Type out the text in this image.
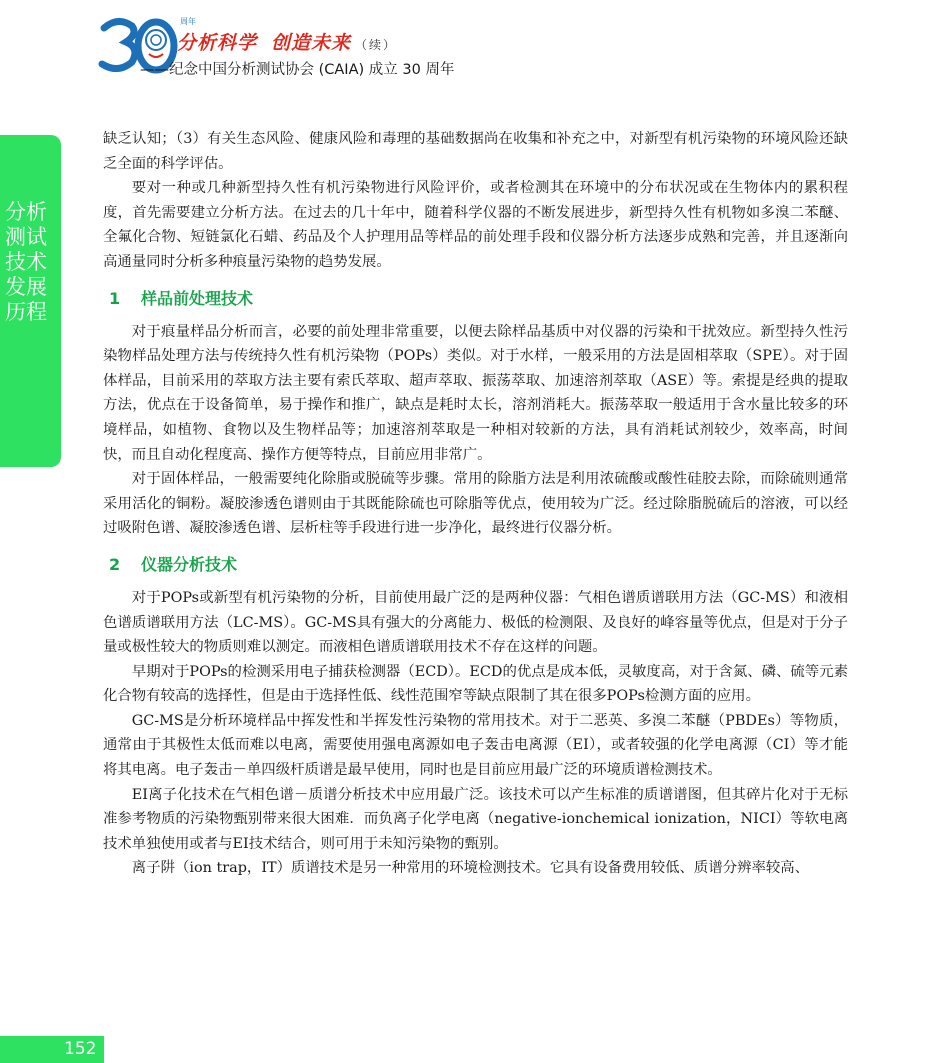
周年
分析科学 创造未来 （续）
——纪念中国分析测试协会 (CAIA) 成立 30 周年
分析测试技术发展历程
152

缺乏认知；（3）有关生态风险、健康风险和毒理的基础数据尚在收集和补充之中，对新型有机污染物的环境风险还缺乏全面的科学评估。

要对一种或几种新型持久性有机污染物进行风险评价，或者检测其在环境中的分布状况或在生物体内的累积程度，首先需要建立分析方法。在过去的几十年中，随着科学仪器的不断发展进步，新型持久性有机物如多溴二苯醚、全氟化合物、短链氯化石蜡、药品及个人护理用品等样品的前处理手段和仪器分析方法逐步成熟和完善，并且逐渐向高通量同时分析多种痕量污染物的趋势发展。

1 样品前处理技术

对于痕量样品分析而言，必要的前处理非常重要，以便去除样品基质中对仪器的污染和干扰效应。新型持久性污染物样品处理方法与传统持久性有机污染物（POPs）类似。对于水样，一般采用的方法是固相萃取（SPE）。对于固体样品，目前采用的萃取方法主要有索氏萃取、超声萃取、振荡萃取、加速溶剂萃取（ASE）等。索提是经典的提取方法，优点在于设备简单，易于操作和推广，缺点是耗时太长，溶剂消耗大。振荡萃取一般适用于含水量比较多的环境样品，如植物、食物以及生物样品等；加速溶剂萃取是一种相对较新的方法，具有消耗试剂较少，效率高，时间快，而且自动化程度高、操作方便等特点，目前应用非常广。

对于固体样品，一般需要纯化除脂或脱硫等步骤。常用的除脂方法是利用浓硫酸或酸性硅胶去除，而除硫则通常采用活化的铜粉。凝胶渗透色谱则由于其既能除硫也可除脂等优点，使用较为广泛。经过除脂脱硫后的溶液，可以经过吸附色谱、凝胶渗透色谱、层析柱等手段进行进一步净化，最终进行仪器分析。

2 仪器分析技术

对于POPs或新型有机污染物的分析，目前使用最广泛的是两种仪器：气相色谱质谱联用方法（GC-MS）和液相色谱质谱联用方法（LC-MS）。GC-MS具有强大的分离能力、极低的检测限、及良好的峰容量等优点，但是对于分子量或极性较大的物质则难以测定。而液相色谱质谱联用技术不存在这样的问题。

早期对于POPs的检测采用电子捕获检测器（ECD）。ECD的优点是成本低，灵敏度高，对于含氮、磷、硫等元素化合物有较高的选择性，但是由于选择性低、线性范围窄等缺点限制了其在很多POPs检测方面的应用。

GC-MS是分析环境样品中挥发性和半挥发性污染物的常用技术。对于二恶英、多溴二苯醚（PBDEs）等物质，通常由于其极性太低而难以电离，需要使用强电离源如电子轰击电离源（EI），或者较强的化学电离源（CI）等才能将其电离。电子轰击－单四级杆质谱是最早使用，同时也是目前应用最广泛的环境质谱检测技术。

EI离子化技术在气相色谱－质谱分析技术中应用最广泛。该技术可以产生标准的质谱谱图，但其碎片化对于无标准参考物质的污染物甄别带来很大困难．而负离子化学电离（negative-ionchemical ionization，NICI）等软电离技术单独使用或者与EI技术结合，则可用于未知污染物的甄别。

离子阱（ion trap，IT）质谱技术是另一种常用的环境检测技术。它具有设备费用较低、质谱分辨率较高、
